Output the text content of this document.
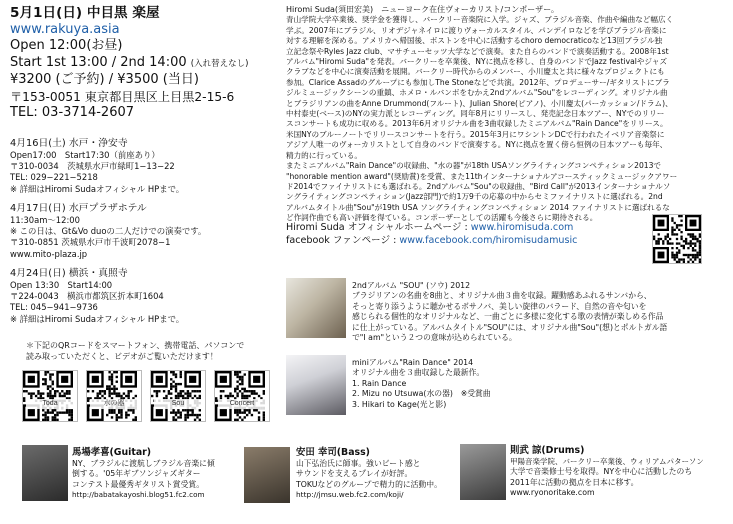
5月1日(日) 中目黒 楽屋
www.rakuya.asia
Open 12:00(お昼)
Start 1st 13:00 / 2nd 14:00 (入れ替えなし)
¥3200 (ご予約) / ¥3500 (当日)
〒153-0051 東京都目黒区上目黒2-15-6
TEL: 03-3714-2607
4月16日(土) 水戸・浄安寺
Open17:00　Start17:30（前座あり）
〒310-0034　茨城県水戸市緑町1−13−22
TEL: 029−221−5218
※ 詳細はHiromi Sudaオフィシャル HPまで。
4月17日(日) 水戸プラザホテル
11:30am〜12:00
※ この日は、Gt&Vo duoの二人だけでの演奏です。
〒310-0851 茨城県水戸市千波町2078−1
www.mito-plaza.jp
4月24日(日) 横浜・真照寺
Open 13:30　Start14:00
〒224-0043　横浜市都筑区折本町1604
TEL: 045−941−9736
※ 詳細はHiromi Sudaオフィシャル HPまで。
＊下記のQRコードをスマートフォン、携帯電話、パソコンで
読み取っていただくと、ビデオがご覧いただけます！
Toda	水の器	Sou	Concert
Hiromi Suda(須田宏美)　ニューヨーク在住ヴォーカリスト/コンポーザー。
青山学院大学卒業後、奨学金を獲得し、バークリー音楽院に入学。ジャズ、ブラジル音楽、作曲や編曲など幅広く
学ぶ。2007年にブラジル、リオデジャネイロに渡りヴォーカルスタイル、パンデイロなどを学びブラジル音楽に
対する理解を深める。アメリカへ帰国後、ボストンを中心に活動するchoro democraticoなど13回ブラジル独
立記念祭やRyles Jazz club、マサチューセッツ大学などで演奏。また自らのバンドで演奏活動する。2008年1st
アルバム"Hiromi Suda"を発表。バークリーを卒業後、NYに拠点を移し、自身のバンドでJazz festivalやジャズ
クラブなどを中心に演奏活動を展開。バークリー時代からのメンバー、小川慶太と共に様々なプロジェクトにも
参加。Clarice Assadのグループにも参加しThe Stoneなどで共演。2012年、プロデューサー/ギタリストにブラ
ジルミュージックシーンの重鎮、ホメロ・ルバンボをむかえ2ndアルバム"Sou"をレコーディング。オリジナル曲
とブラジリアンの曲をAnne Drummond(フルート)、Julian Shore(ピアノ)、小川慶太(パーカッション/ドラム)、
中村泰史(ベース)のNYの実力派とレコーディング。同年8月にリリースし、発売記念日本ツアー、NYでのリリー
スコンサートも成功に収める。2013年6月オリジナル曲を3曲収録したミニアルバム"Rain Dance"をリリース。
米国NYのブルーノートでリリースコンサートを行う。2015年3月にワシントンDCで行われたイベリア音楽祭に
アジア人唯一のヴォーカリストとして自身のバンドで演奏する。NYに拠点を置く傍ら恒例の日本ツアーも毎年、
精力的に行っている。
またミニアルバム"Rain Dance"の収録曲、"水の器"が18th USAソングライティングコンペティション2013で
"honorable mention award"(奨励賞)を受賞、また11thインターナショナルアコースティックミュージックアワー
ド2014でファイナリストにも選ばれる。2ndアルバム"Sou"の収録曲、"Bird Call"が2013インターナショナルソ
ングライティングコンペティション(Jazz部門)で約1万9千の応募の中からセミファイナリストに選ばれる。2nd
アルバムタイトル曲"Sou"が19th USA ソングライティングコンペティション 2014 ファイナリストに選ばれるな
ど作詞作曲でも高い評価を得ている。コンポーザーとしての活躍も今後さらに期待される。
Hiromi Suda オフィシャルホームページ : www.hiromisuda.com
facebook ファンページ : www.facebook.com/hiromisudamusic
2ndアルバム "SOU" (ソウ) 2012
ブラジリアンの名曲を8曲と、オリジナル曲３曲を収録。躍動感あふれるサンバから、
そっと寄り添うように聴かせるボサノバ、美しい旋律のバラード、自然の音や匂いを
感じられる個性的なオリジナルなど、一曲ごとに多様に変化する歌の表情が楽しめる作品
に仕上がっている。アルバムタイトル"SOU"には、オリジナル曲"Sou"(想)とポルトガル語
で"I am"という２つの意味が込められている。
miniアルバム"Rain Dance" 2014
オリジナル曲を３曲収録した最新作。
1. Rain Dance
2. Mizu no Utsuwa(水の器)　※受賞曲
3. Hikari to Kage(光と影)
馬場孝喜(Guitar)
NY、ブラジルに渡航しブラジル音楽に傾
倒する。'05年ギブソンジャズギター
コンテスト最優秀ギタリスト賞受賞。
http://babatakayoshi.blog51.fc2.com
安田 幸司(Bass)
山下弘治氏に師事。強いビート感と
サウンドを支えるプレイが好評。
TOKUなどのグループで精力的に活動中。
http://jmsu.web.fc2.com/koji/
則武 諒(Drums)
甲陽音楽学院、バークリー卒業後、ウィリアムパターソン
大学で音楽修士号を取得。NYを中心に活動したのち
2011年に活動の拠点を日本に移す。
www.ryonoritake.com
